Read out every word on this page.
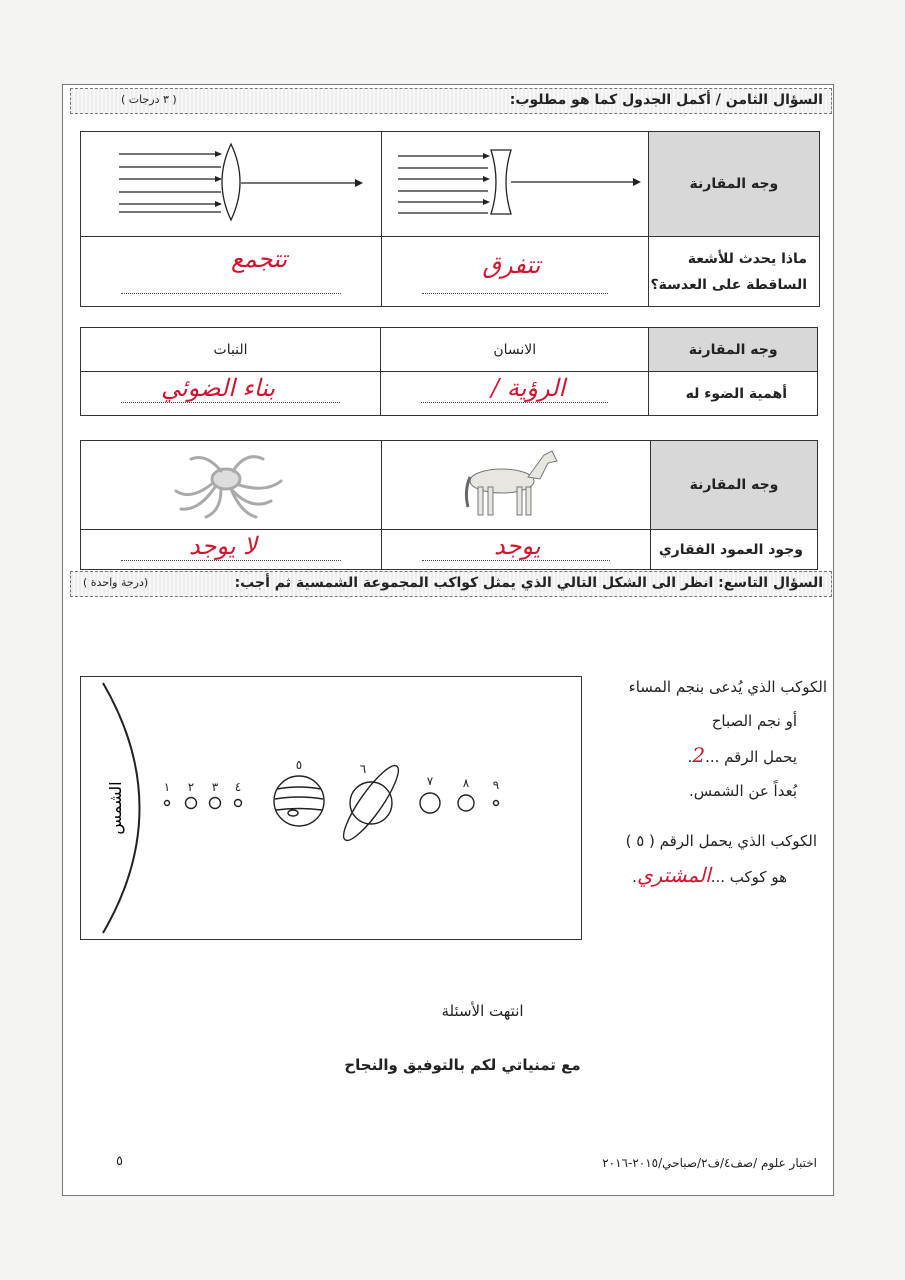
السؤال الثامن / أكمل الجدول كما هو مطلوب:
( ٣ درجات )
وجه المقارنة		
ماذا يحدث للأشعة الساقطة على العدسة؟	تتفرق	تتجمع
وجه المقارنة	الانسان	النبات
أهمية الضوء له	الرؤية /	بناء الضوئي
وجه المقارنة		
وجود العمود الفقاري	يوجد	لا يوجد
السؤال التاسع: انظر الى الشكل التالي الذي يمثل كواكب المجموعة الشمسية ثم أجب:
(درجة واحدة )
الشمس	١ ٢ ٣ ٤
٥	٦
٧ ٨ ٩
الكوكب الذي يُدعى بنجم المساء
أو نجم الصباح
يحمل الرقم ...2.
بُعداً عن الشمس.
الكوكب الذي يحمل الرقم ( ٥ )
هو كوكب ...المشتري.
انتهت الأسئلة
مع تمنياتي لكم بالتوفيق والنجاح
اختبار علوم /صف٤/ف٢/صباحي/٢٠١٥-٢٠١٦
٥
